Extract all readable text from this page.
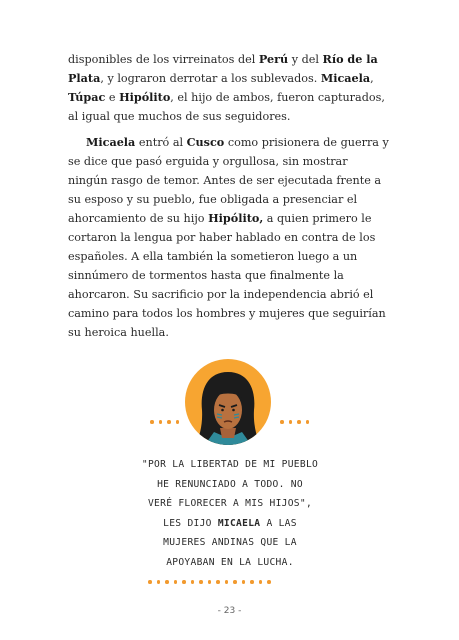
disponibles de los virreinatos del Perú y del Río de la Plata, y lograron derrotar a los sublevados. Micaela, Túpac e Hipólito, el hijo de ambos, fueron capturados, al igual que muchos de sus seguidores.

Micaela entró al Cusco como prisionera de guerra y se dice que pasó erguida y orgullosa, sin mostrar ningún rasgo de temor. Antes de ser ejecutada frente a su esposo y su pueblo, fue obligada a presenciar el ahorcamiento de su hijo Hipólito, a quien primero le cortaron la lengua por haber hablado en contra de los españoles. A ella también la sometieron luego a un sinnúmero de tormentos hasta que finalmente la ahorcaron. Su sacrificio por la independencia abrió el camino para todos los hombres y mujeres que seguirían su heroica huella.

"POR LA LIBERTAD DE MI PUEBLO
HE RENUNCIADO A TODO. NO
VERÉ FLORECER A MIS HIJOS",
LES DIJO MICAELA A LAS
MUJERES ANDINAS QUE LA
APOYABAN EN LA LUCHA.
- 23 -
